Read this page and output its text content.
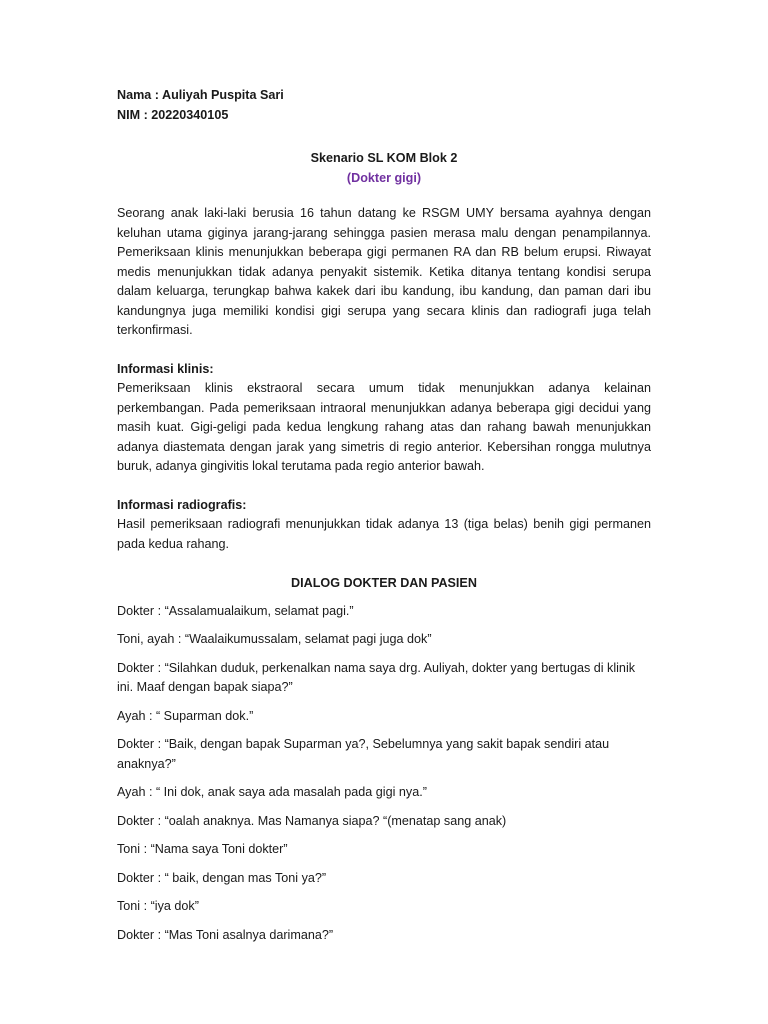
Nama : Auliyah Puspita Sari

NIM : 20220340105

Skenario SL KOM Blok 2

(Dokter gigi)

Seorang anak laki-laki berusia 16 tahun datang ke RSGM UMY bersama ayahnya dengan keluhan utama giginya jarang-jarang sehingga pasien merasa malu dengan penampilannya. Pemeriksaan klinis menunjukkan beberapa gigi permanen RA dan RB belum erupsi. Riwayat medis menunjukkan tidak adanya penyakit sistemik. Ketika ditanya tentang kondisi serupa dalam keluarga, terungkap bahwa kakek dari ibu kandung, ibu kandung, dan paman dari ibu kandungnya juga memiliki kondisi gigi serupa yang secara klinis dan radiografi juga telah terkonfirmasi.

Informasi klinis:

Pemeriksaan klinis ekstraoral secara umum tidak menunjukkan adanya kelainan perkembangan. Pada pemeriksaan intraoral menunjukkan adanya beberapa gigi decidui yang masih kuat. Gigi-geligi pada kedua lengkung rahang atas dan rahang bawah menunjukkan adanya diastemata dengan jarak yang simetris di regio anterior. Kebersihan rongga mulutnya buruk, adanya gingivitis lokal terutama pada regio anterior bawah.

Informasi radiografis:

Hasil pemeriksaan radiografi menunjukkan tidak adanya 13 (tiga belas) benih gigi permanen pada kedua rahang.

DIALOG DOKTER DAN PASIEN

Dokter : “Assalamualaikum, selamat pagi.”

Toni, ayah : “Waalaikumussalam, selamat pagi juga dok”

Dokter : “Silahkan duduk, perkenalkan nama saya drg. Auliyah, dokter yang bertugas di klinik ini. Maaf dengan bapak siapa?”

Ayah : “ Suparman dok.”

Dokter : “Baik, dengan bapak Suparman ya?, Sebelumnya yang sakit bapak sendiri atau anaknya?”

Ayah : “ Ini dok, anak saya ada masalah pada gigi nya.”

Dokter : “oalah anaknya. Mas Namanya siapa? “(menatap sang anak)

Toni : “Nama saya Toni dokter”

Dokter : “ baik, dengan mas Toni ya?”

Toni : “iya dok”

Dokter : “Mas Toni asalnya darimana?”
